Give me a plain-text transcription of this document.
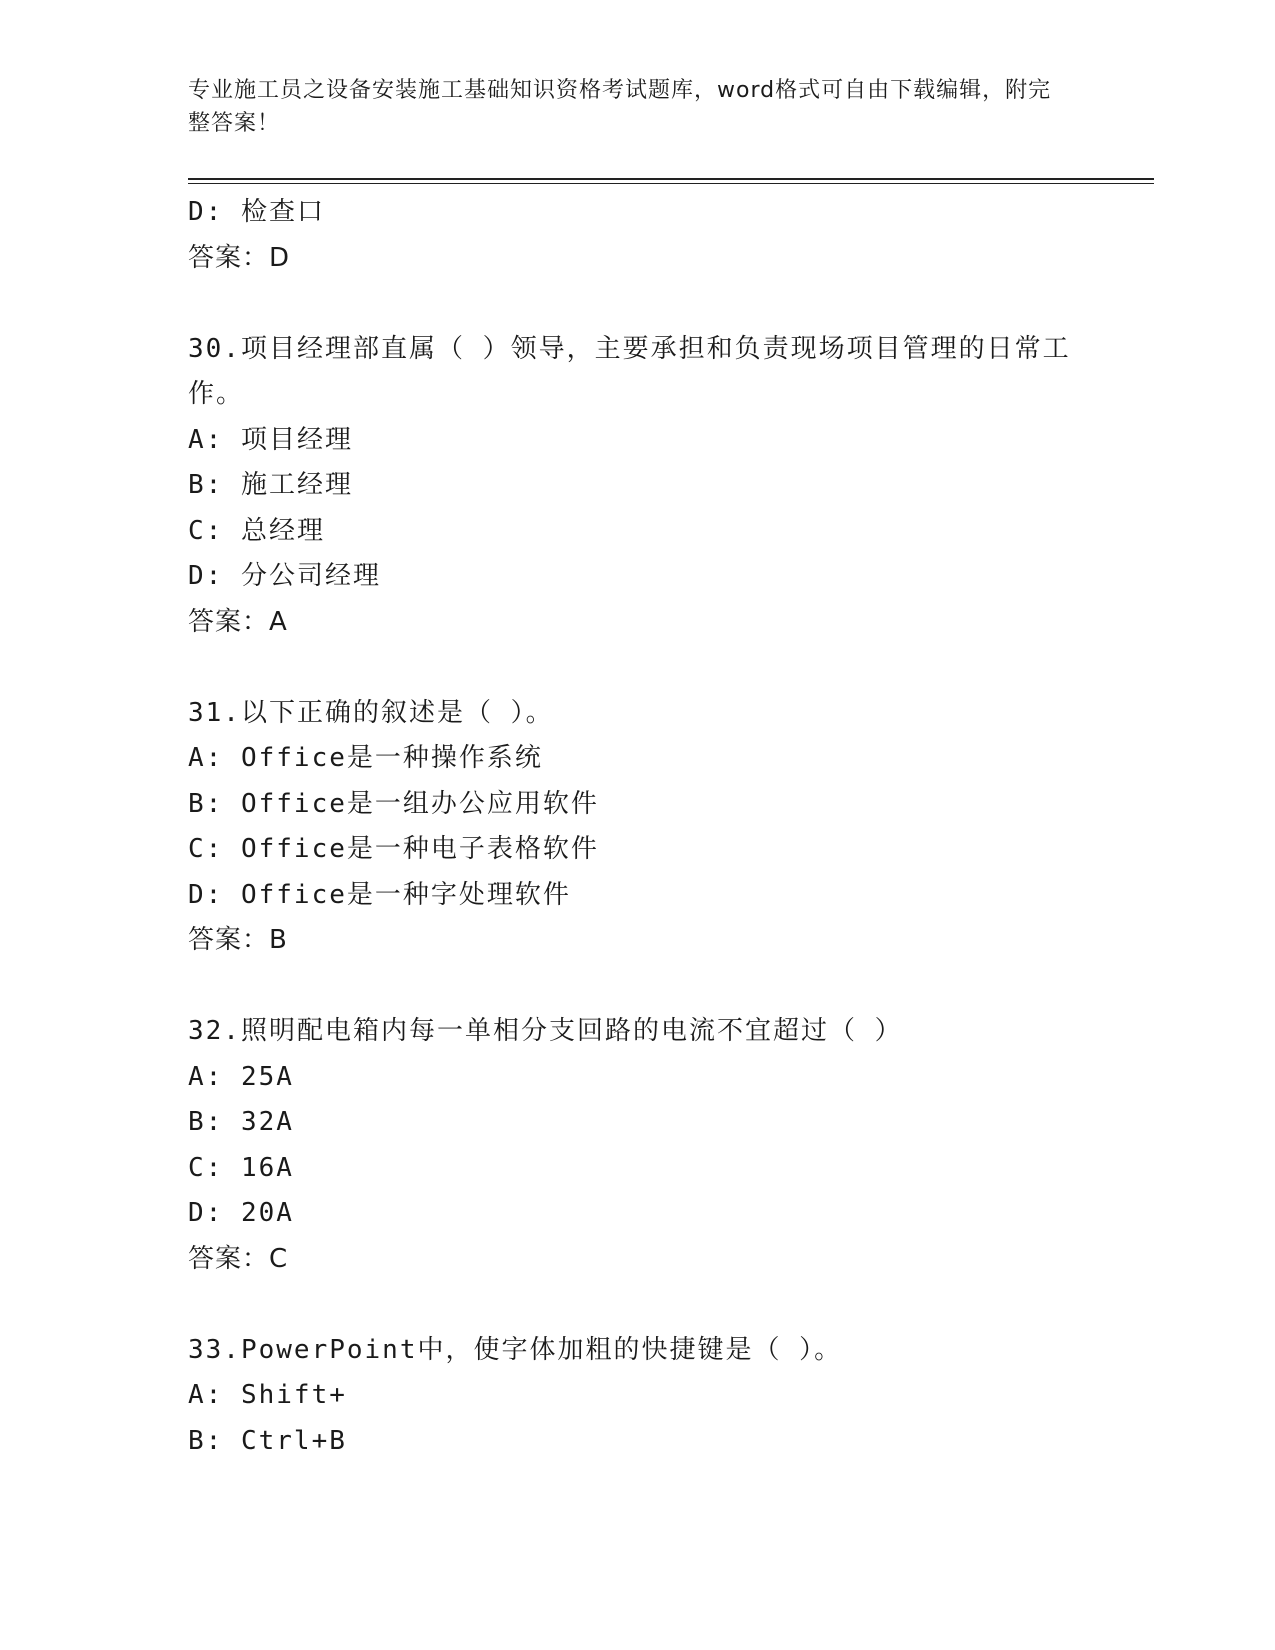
专业施工员之设备安装施工基础知识资格考试题库，word格式可自由下载编辑，附完整答案！
D: 检查口
答案：D
30.项目经理部直属（ ）领导，主要承担和负责现场项目管理的日常工作。
A: 项目经理
B: 施工经理
C: 总经理
D: 分公司经理
答案：A
31.以下正确的叙述是（ ）。
A: Office是一种操作系统
B: Office是一组办公应用软件
C: Office是一种电子表格软件
D: Office是一种字处理软件
答案：B
32.照明配电箱内每一单相分支回路的电流不宜超过（ ）
A: 25A
B: 32A
C: 16A
D: 20A
答案：C
33.PowerPoint中，使字体加粗的快捷键是（ ）。
A: Shift+
B: Ctrl+B
